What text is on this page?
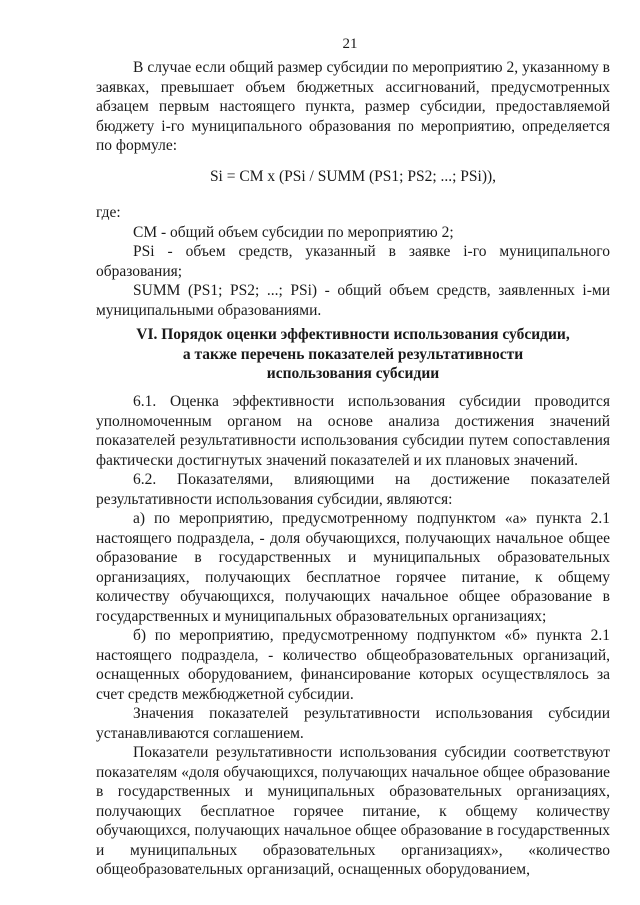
21

В случае если общий размер субсидии по мероприятию 2, указанному в заявках, превышает объем бюджетных ассигнований, предусмотренных абзацем первым настоящего пункта, размер субсидии, предоставляемой бюджету i-го муниципального образования по мероприятию, определяется по формуле:

Si = СМ х (PSi / SUMM (PS1; PS2; ...; PSi)),

где:

СМ - общий объем субсидии по мероприятию 2;

PSi - объем средств, указанный в заявке i-го муниципального образования;

SUMM (PS1; PS2; ...; PSi) - общий объем средств, заявленных i-ми муниципальными образованиями.

VI. Порядок оценки эффективности использования субсидии,
а также перечень показателей результативности
использования субсидии

6.1. Оценка эффективности использования субсидии проводится уполномоченным органом на основе анализа достижения значений показателей результативности использования субсидии путем сопоставления фактически достигнутых значений показателей и их плановых значений.

6.2. Показателями, влияющими на достижение показателей результативности использования субсидии, являются:

а) по мероприятию, предусмотренному подпунктом «а» пункта 2.1 настоящего подраздела, - доля обучающихся, получающих начальное общее образование в государственных и муниципальных образовательных организациях, получающих бесплатное горячее питание, к общему количеству обучающихся, получающих начальное общее образование в государственных и муниципальных образовательных организациях;

б) по мероприятию, предусмотренному подпунктом «б» пункта 2.1 настоящего подраздела, - количество общеобразовательных организаций, оснащенных оборудованием, финансирование которых осуществлялось за счет средств межбюджетной субсидии.

Значения показателей результативности использования субсидии устанавливаются соглашением.

Показатели результативности использования субсидии соответствуют показателям «доля обучающихся, получающих начальное общее образование в государственных и муниципальных образовательных организациях, получающих бесплатное горячее питание, к общему количеству обучающихся, получающих начальное общее образование в государственных и муниципальных образовательных организациях», «количество общеобразовательных организаций, оснащенных оборудованием,
